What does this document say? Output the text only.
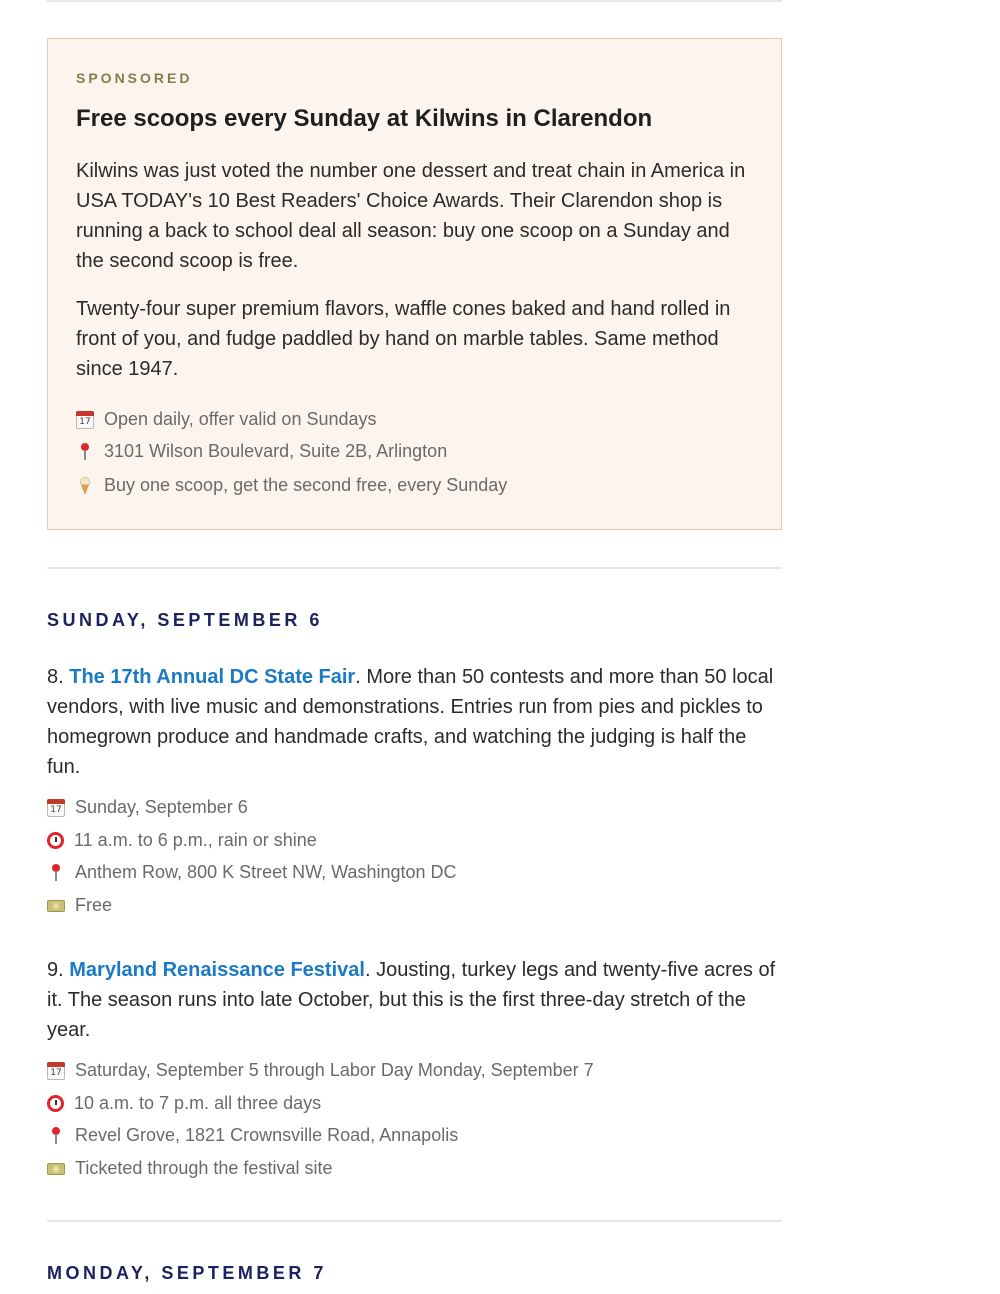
SPONSORED
Free scoops every Sunday at Kilwins in Clarendon

Kilwins was just voted the number one dessert and treat chain in America in USA TODAY's 10 Best Readers' Choice Awards. Their Clarendon shop is running a back to school deal all season: buy one scoop on a Sunday and the second scoop is free.

Twenty-four super premium flavors, waffle cones baked and hand rolled in front of you, and fudge paddled by hand on marble tables. Same method since 1947.

17
Open daily, offer valid on Sundays
3101 Wilson Boulevard, Suite 2B, Arlington
Buy one scoop, get the second free, every Sunday
SUNDAY, SEPTEMBER 6

8. The 17th Annual DC State Fair. More than 50 contests and more than 50 local vendors, with live music and demonstrations. Entries run from pies and pickles to homegrown produce and handmade crafts, and watching the judging is half the fun.

17
Sunday, September 6
11 a.m. to 6 p.m., rain or shine
Anthem Row, 800 K Street NW, Washington DC
Free

9. Maryland Renaissance Festival. Jousting, turkey legs and twenty-five acres of it. The season runs into late October, but this is the first three-day stretch of the year.

17
Saturday, September 5 through Labor Day Monday, September 7
10 a.m. to 7 p.m. all three days
Revel Grove, 1821 Crownsville Road, Annapolis
Ticketed through the festival site
MONDAY, SEPTEMBER 7
